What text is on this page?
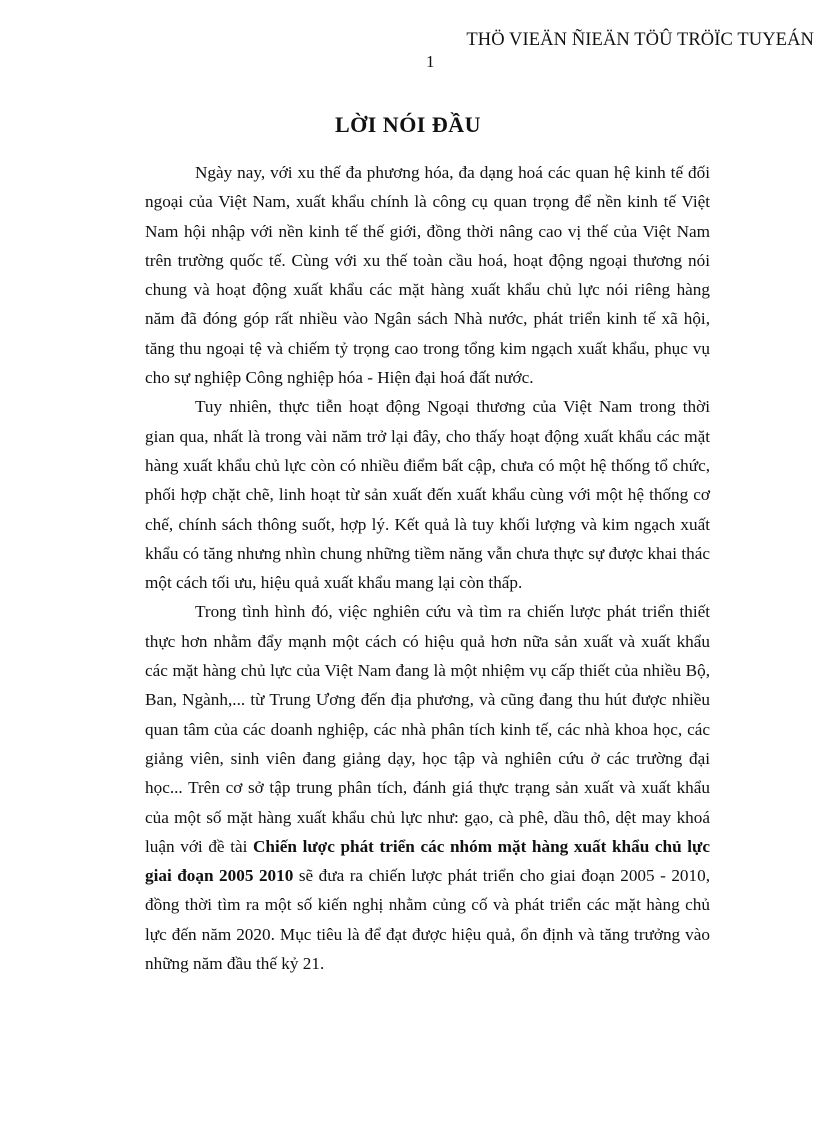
THÖ VIEÄN ÑIEÄN TÖÛ TRÖÏC TUYEÁN
1
LỜI NÓI ĐẦU

Ngày nay, với xu thế đa phương hóa, đa dạng hoá các quan hệ kinh tế đối ngoại của Việt Nam, xuất khẩu chính là công cụ quan trọng để nền kinh tế Việt Nam hội nhập với nền kinh tế thế giới, đồng thời nâng cao vị thế của Việt Nam trên trường quốc tế. Cùng với xu thế toàn cầu hoá, hoạt động ngoại thương nói chung và hoạt động xuất khẩu các mặt hàng xuất khẩu chủ lực nói riêng hàng năm đã đóng góp rất nhiều vào Ngân sách Nhà nước, phát triển kinh tế xã hội, tăng thu ngoại tệ và chiếm tỷ trọng cao trong tổng kim ngạch xuất khẩu, phục vụ cho sự nghiệp Công nghiệp hóa - Hiện đại hoá đất nước.

Tuy nhiên, thực tiễn hoạt động Ngoại thương của Việt Nam trong thời gian qua, nhất là trong vài năm trở lại đây, cho thấy hoạt động xuất khẩu các mặt hàng xuất khẩu chủ lực còn có nhiều điểm bất cập, chưa có một hệ thống tổ chức, phối hợp chặt chẽ, linh hoạt từ sản xuất đến xuất khẩu cùng với một hệ thống cơ chế, chính sách thông suốt, hợp lý. Kết quả là tuy khối lượng và kim ngạch xuất khẩu có tăng nhưng nhìn chung những tiềm năng vẫn chưa thực sự được khai thác một cách tối ưu, hiệu quả xuất khẩu mang lại còn thấp.

Trong tình hình đó, việc nghiên cứu và tìm ra chiến lược phát triển thiết thực hơn nhằm đẩy mạnh một cách có hiệu quả hơn nữa sản xuất và xuất khẩu các mặt hàng chủ lực của Việt Nam đang là một nhiệm vụ cấp thiết của nhiều Bộ, Ban, Ngành,... từ Trung Ương đến địa phương, và cũng đang thu hút được nhiều quan tâm của các doanh nghiệp, các nhà phân tích kinh tế, các nhà khoa học, các giảng viên, sinh viên đang giảng dạy, học tập và nghiên cứu ở các trường đại học... Trên cơ sở tập trung phân tích, đánh giá thực trạng sản xuất và xuất khẩu của một số mặt hàng xuất khẩu chủ lực như: gạo, cà phê, dầu thô, dệt may khoá luận với đề tài Chiến lược phát triển các nhóm mặt hàng xuất khẩu chủ lực giai đoạn 2005 2010 sẽ đưa ra chiến lược phát triển cho giai đoạn 2005 - 2010, đồng thời tìm ra một số kiến nghị nhằm củng cố và phát triển các mặt hàng chủ lực đến năm 2020. Mục tiêu là để đạt được hiệu quả, ổn định và tăng trưởng vào những năm đầu thế kỷ 21.
